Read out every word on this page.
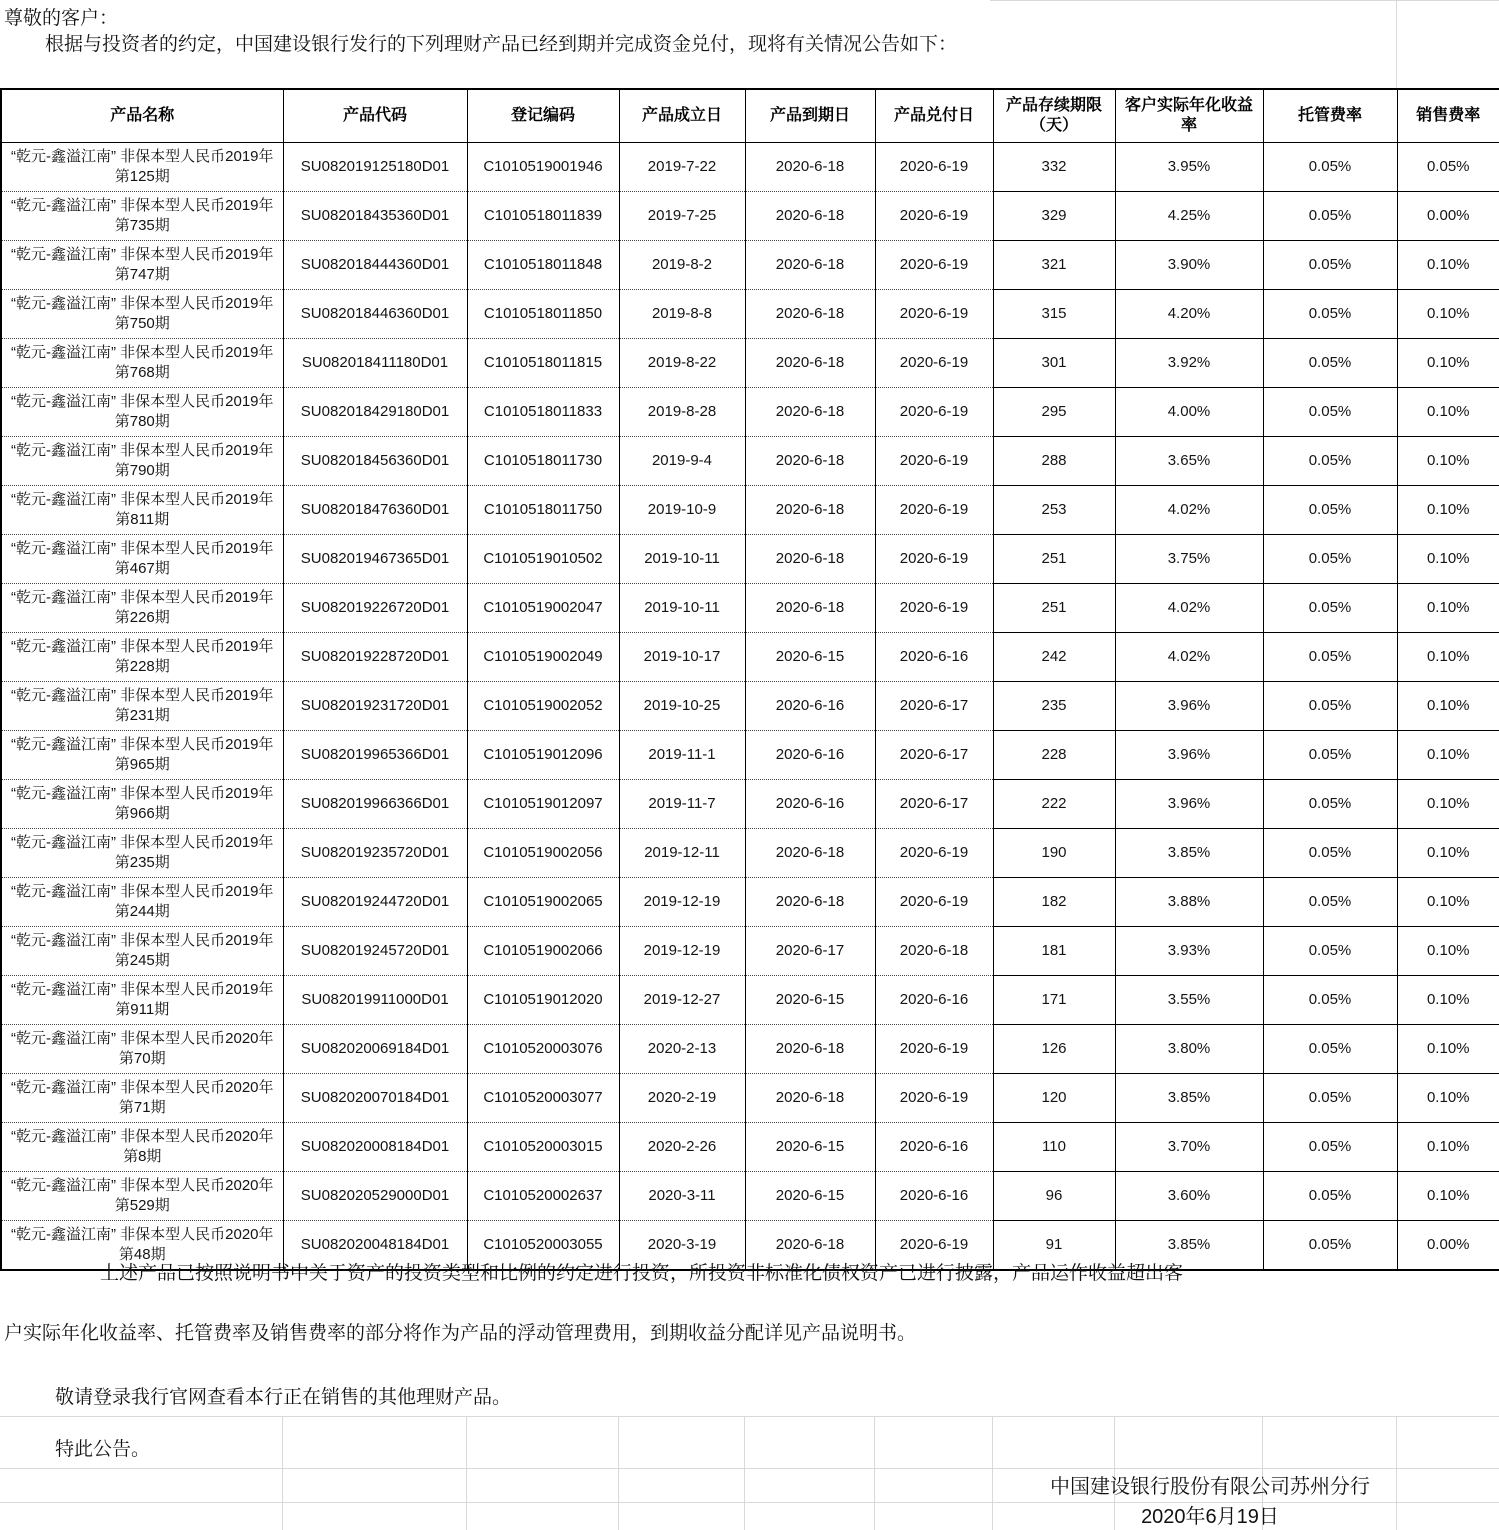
尊敬的客户：
根据与投资者的约定，中国建设银行发行的下列理财产品已经到期并完成资金兑付，现将有关情况公告如下：
产品名称	产品代码	登记编码	产品成立日	产品到期日	产品兑付日	产品存续期限（天）	客户实际年化收益率	托管费率	销售费率
“乾元-鑫溢江南” 非保本型人民币2019年第125期	SU082019125180D01	C1010519001946	2019-7-22	2020-6-18	2020-6-19	332	3.95%	0.05%	0.05%
“乾元-鑫溢江南” 非保本型人民币2019年第735期	SU082018435360D01	C1010518011839	2019-7-25	2020-6-18	2020-6-19	329	4.25%	0.05%	0.00%
“乾元-鑫溢江南” 非保本型人民币2019年第747期	SU082018444360D01	C1010518011848	2019-8-2	2020-6-18	2020-6-19	321	3.90%	0.05%	0.10%
“乾元-鑫溢江南” 非保本型人民币2019年第750期	SU082018446360D01	C1010518011850	2019-8-8	2020-6-18	2020-6-19	315	4.20%	0.05%	0.10%
“乾元-鑫溢江南” 非保本型人民币2019年第768期	SU082018411180D01	C1010518011815	2019-8-22	2020-6-18	2020-6-19	301	3.92%	0.05%	0.10%
“乾元-鑫溢江南” 非保本型人民币2019年第780期	SU082018429180D01	C1010518011833	2019-8-28	2020-6-18	2020-6-19	295	4.00%	0.05%	0.10%
“乾元-鑫溢江南” 非保本型人民币2019年第790期	SU082018456360D01	C1010518011730	2019-9-4	2020-6-18	2020-6-19	288	3.65%	0.05%	0.10%
“乾元-鑫溢江南” 非保本型人民币2019年第811期	SU082018476360D01	C1010518011750	2019-10-9	2020-6-18	2020-6-19	253	4.02%	0.05%	0.10%
“乾元-鑫溢江南” 非保本型人民币2019年第467期	SU082019467365D01	C1010519010502	2019-10-11	2020-6-18	2020-6-19	251	3.75%	0.05%	0.10%
“乾元-鑫溢江南” 非保本型人民币2019年第226期	SU082019226720D01	C1010519002047	2019-10-11	2020-6-18	2020-6-19	251	4.02%	0.05%	0.10%
“乾元-鑫溢江南” 非保本型人民币2019年第228期	SU082019228720D01	C1010519002049	2019-10-17	2020-6-15	2020-6-16	242	4.02%	0.05%	0.10%
“乾元-鑫溢江南” 非保本型人民币2019年第231期	SU082019231720D01	C1010519002052	2019-10-25	2020-6-16	2020-6-17	235	3.96%	0.05%	0.10%
“乾元-鑫溢江南” 非保本型人民币2019年第965期	SU082019965366D01	C1010519012096	2019-11-1	2020-6-16	2020-6-17	228	3.96%	0.05%	0.10%
“乾元-鑫溢江南” 非保本型人民币2019年第966期	SU082019966366D01	C1010519012097	2019-11-7	2020-6-16	2020-6-17	222	3.96%	0.05%	0.10%
“乾元-鑫溢江南” 非保本型人民币2019年第235期	SU082019235720D01	C1010519002056	2019-12-11	2020-6-18	2020-6-19	190	3.85%	0.05%	0.10%
“乾元-鑫溢江南” 非保本型人民币2019年第244期	SU082019244720D01	C1010519002065	2019-12-19	2020-6-18	2020-6-19	182	3.88%	0.05%	0.10%
“乾元-鑫溢江南” 非保本型人民币2019年第245期	SU082019245720D01	C1010519002066	2019-12-19	2020-6-17	2020-6-18	181	3.93%	0.05%	0.10%
“乾元-鑫溢江南” 非保本型人民币2019年第911期	SU082019911000D01	C1010519012020	2019-12-27	2020-6-15	2020-6-16	171	3.55%	0.05%	0.10%
“乾元-鑫溢江南” 非保本型人民币2020年第70期	SU082020069184D01	C1010520003076	2020-2-13	2020-6-18	2020-6-19	126	3.80%	0.05%	0.10%
“乾元-鑫溢江南” 非保本型人民币2020年第71期	SU082020070184D01	C1010520003077	2020-2-19	2020-6-18	2020-6-19	120	3.85%	0.05%	0.10%
“乾元-鑫溢江南” 非保本型人民币2020年第8期	SU082020008184D01	C1010520003015	2020-2-26	2020-6-15	2020-6-16	110	3.70%	0.05%	0.10%
“乾元-鑫溢江南” 非保本型人民币2020年第529期	SU082020529000D01	C1010520002637	2020-3-11	2020-6-15	2020-6-16	96	3.60%	0.05%	0.10%
“乾元-鑫溢江南” 非保本型人民币2020年第48期	SU082020048184D01	C1010520003055	2020-3-19	2020-6-18	2020-6-19	91	3.85%	0.05%	0.00%
上述产品已按照说明书中关于资产的投资类型和比例的约定进行投资，所投资非标准化债权资产已进行披露，产品运作收益超出客
户实际年化收益率、托管费率及销售费率的部分将作为产品的浮动管理费用，到期收益分配详见产品说明书。
敬请登录我行官网查看本行正在销售的其他理财产品。
特此公告。
中国建设银行股份有限公司苏州分行
2020年6月19日
